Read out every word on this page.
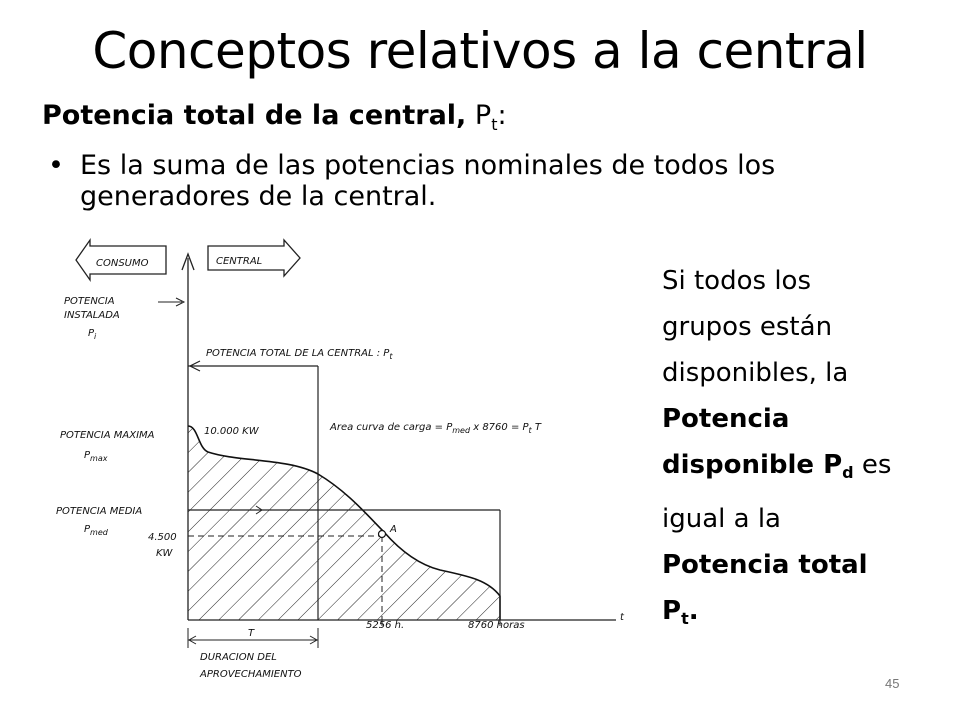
Conceptos relativos a la central
Potencia total de la central, $P_t$:
• Es la suma de las potencias nominales de todos los generadores de la central.
CONSUMO	CENTRAL
t
POTENCIA
INSTALADA
$P_i$
POTENCIA TOTAL DE LA CENTRAL : $P_t$
POTENCIA MAXIMA
$P_{max}$
10.000 KW	Area curva de carga = $P_{med}$ x $8760 = P_t$ T
POTENCIA MEDIA
$P_{med}$	4.500
KW
A
5256 h.	8760 horas
T
DURACION DEL
APROVECHAMIENTO
Si todos los
grupos están
disponibles, la
Potencia
disponible Pd es
igual a la
Potencia total
Pt.
45
